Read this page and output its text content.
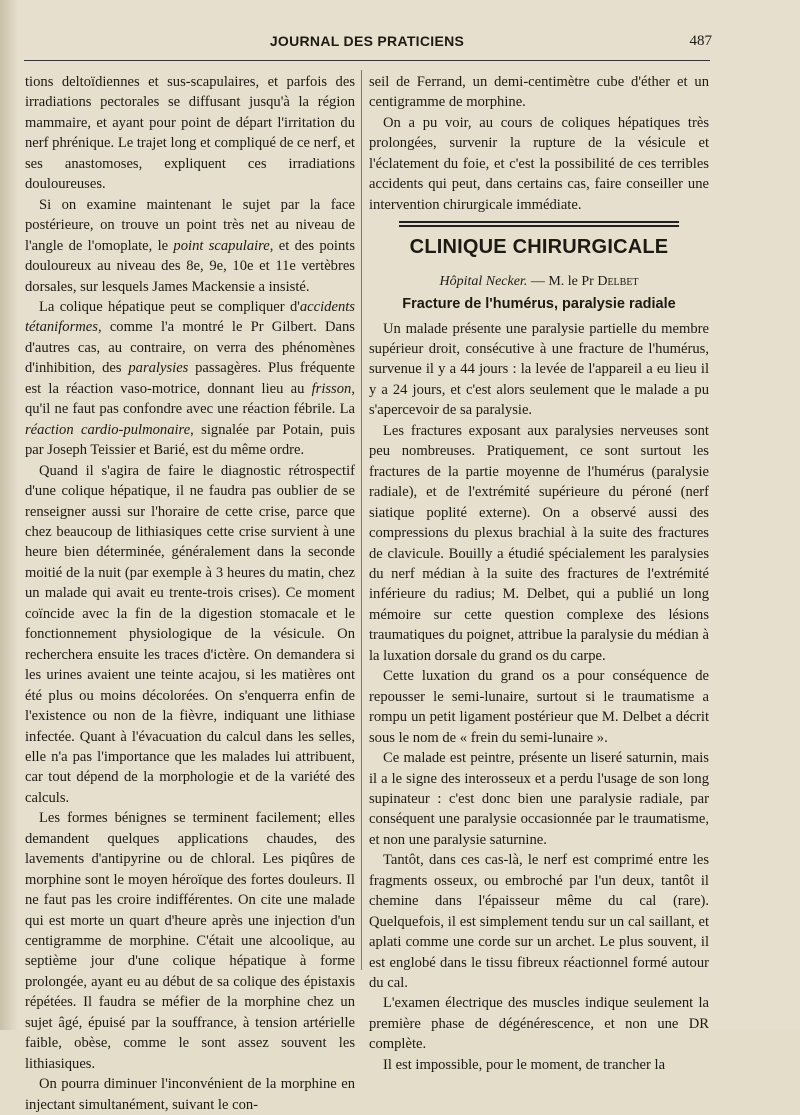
JOURNAL DES PRATICIENS	487

tions deltoïdiennes et sus-scapulaires, et parfois des irradiations pectorales se diffusant jusqu'à la région mammaire, et ayant pour point de départ l'irritation du nerf phrénique. Le trajet long et compliqué de ce nerf, et ses anastomoses, expliquent ces irradiations douloureuses.

Si on examine maintenant le sujet par la face postérieure, on trouve un point très net au niveau de l'angle de l'omoplate, le point scapulaire, et des points douloureux au niveau des 8e, 9e, 10e et 11e vertèbres dorsales, sur lesquels James Mackensie a insisté.

La colique hépatique peut se compliquer d'accidents tétaniformes, comme l'a montré le Pr Gilbert. Dans d'autres cas, au contraire, on verra des phénomènes d'inhibition, des paralysies passagères. Plus fréquente est la réaction vaso-motrice, donnant lieu au frisson, qu'il ne faut pas confondre avec une réaction fébrile. La réaction cardio-pulmonaire, signalée par Potain, puis par Joseph Teissier et Barié, est du même ordre.

Quand il s'agira de faire le diagnostic rétrospectif d'une colique hépatique, il ne faudra pas oublier de se renseigner aussi sur l'horaire de cette crise, parce que chez beaucoup de lithiasiques cette crise survient à une heure bien déterminée, généralement dans la seconde moitié de la nuit (par exemple à 3 heures du matin, chez un malade qui avait eu trente-trois crises). Ce moment coïncide avec la fin de la digestion stomacale et le fonctionnement physiologique de la vésicule. On recherchera ensuite les traces d'ictère. On demandera si les urines avaient une teinte acajou, si les matières ont été plus ou moins décolorées. On s'enquerra enfin de l'existence ou non de la fièvre, indiquant une lithiase infectée. Quant à l'évacuation du calcul dans les selles, elle n'a pas l'importance que les malades lui attribuent, car tout dépend de la morphologie et de la variété des calculs.

Les formes bénignes se terminent facilement; elles demandent quelques applications chaudes, des lavements d'antipyrine ou de chloral. Les piqûres de morphine sont le moyen héroïque des fortes douleurs. Il ne faut pas les croire indifférentes. On cite une malade qui est morte un quart d'heure après une injection d'un centigramme de morphine. C'était une alcoolique, au septième jour d'une colique hépatique à forme prolongée, ayant eu au début de sa colique des épistaxis répétées. Il faudra se méfier de la morphine chez un sujet âgé, épuisé par la souffrance, à tension artérielle faible, obèse, comme le sont assez souvent les lithiasiques.

On pourra diminuer l'inconvénient de la morphine en injectant simultanément, suivant le con-

seil de Ferrand, un demi-centimètre cube d'éther et un centigramme de morphine.

On a pu voir, au cours de coliques hépatiques très prolongées, survenir la rupture de la vésicule et l'éclatement du foie, et c'est la possibilité de ces terribles accidents qui peut, dans certains cas, faire conseiller une intervention chirurgicale immédiate.

CLINIQUE CHIRURGICALE

Hôpital Necker. — M. le Pr Delbet

Fracture de l'humérus, paralysie radiale

Un malade présente une paralysie partielle du membre supérieur droit, consécutive à une fracture de l'humérus, survenue il y a 44 jours : la levée de l'appareil a eu lieu il y a 24 jours, et c'est alors seulement que le malade a pu s'apercevoir de sa paralysie.

Les fractures exposant aux paralysies nerveuses sont peu nombreuses. Pratiquement, ce sont surtout les fractures de la partie moyenne de l'humérus (paralysie radiale), et de l'extrémité supérieure du péroné (nerf siatique poplité externe). On a observé aussi des compressions du plexus brachial à la suite des fractures de clavicule. Bouilly a étudié spécialement les paralysies du nerf médian à la suite des fractures de l'extrémité inférieure du radius; M. Delbet, qui a publié un long mémoire sur cette question complexe des lésions traumatiques du poignet, attribue la paralysie du médian à la luxation dorsale du grand os du carpe.

Cette luxation du grand os a pour conséquence de repousser le semi-lunaire, surtout si le traumatisme a rompu un petit ligament postérieur que M. Delbet a décrit sous le nom de « frein du semi-lunaire ».

Ce malade est peintre, présente un liseré saturnin, mais il a le signe des interosseux et a perdu l'usage de son long supinateur : c'est donc bien une paralysie radiale, par conséquent une paralysie occasionnée par le traumatisme, et non une paralysie saturnine.

Tantôt, dans ces cas-là, le nerf est comprimé entre les fragments osseux, ou embroché par l'un deux, tantôt il chemine dans l'épaisseur même du cal (rare). Quelquefois, il est simplement tendu sur un cal saillant, et aplati comme une corde sur un archet. Le plus souvent, il est englobé dans le tissu fibreux réactionnel formé autour du cal.

L'examen électrique des muscles indique seulement la première phase de dégénérescence, et non une DR complète.

Il est impossible, pour le moment, de trancher la
